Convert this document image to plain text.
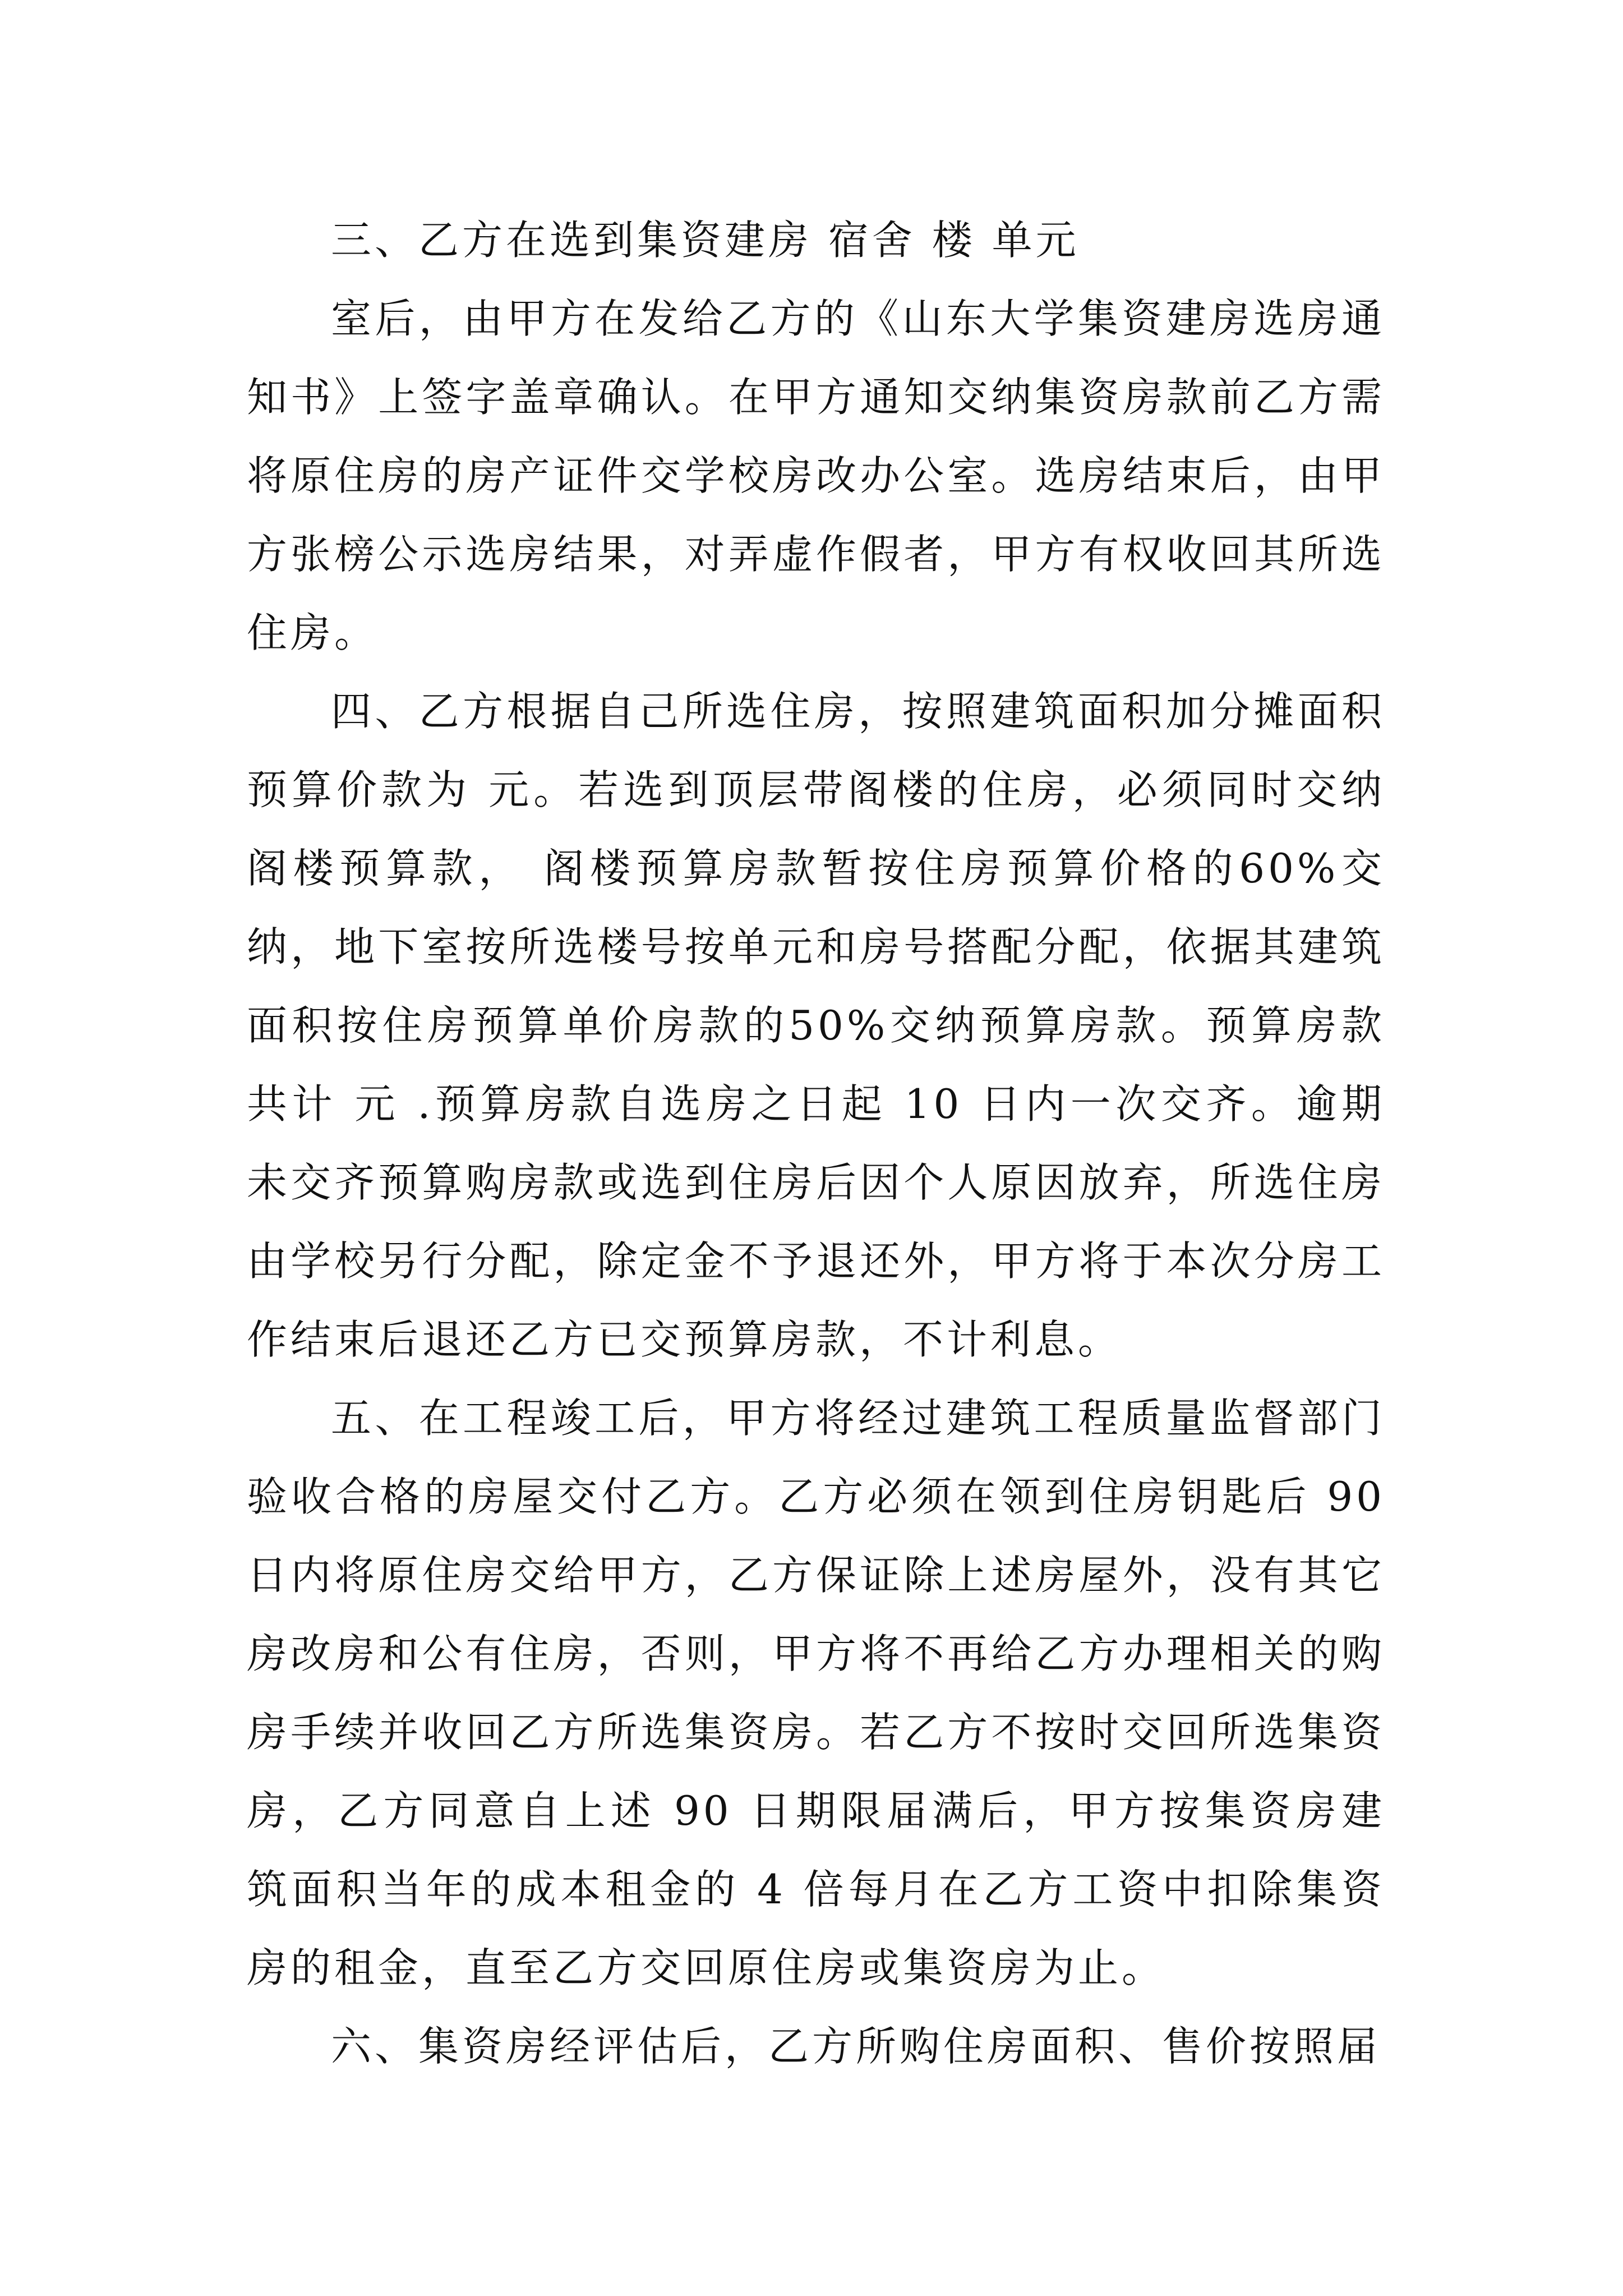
三、乙方在选到集资建房 宿舍 楼 单元

室后，由甲方在发给乙方的《山东大学集资建房选房通知书》上签字盖章确认。在甲方通知交纳集资房款前乙方需将原住房的房产证件交学校房改办公室。选房结束后，由甲方张榜公示选房结果，对弄虚作假者，甲方有权收回其所选住房。

四、乙方根据自己所选住房，按照建筑面积加分摊面积预算价款为 元。若选到顶层带阁楼的住房，必须同时交纳阁楼预算款， 阁楼预算房款暂按住房预算价格的60%交纳，地下室按所选楼号按单元和房号搭配分配，依据其建筑面积按住房预算单价房款的50%交纳预算房款。预算房款共计 元 .预算房款自选房之日起 10 日内一次交齐。逾期未交齐预算购房款或选到住房后因个人原因放弃，所选住房由学校另行分配，除定金不予退还外，甲方将于本次分房工作结束后退还乙方已交预算房款，不计利息。

五、在工程竣工后，甲方将经过建筑工程质量监督部门验收合格的房屋交付乙方。乙方必须在领到住房钥匙后 90 日内将原住房交给甲方，乙方保证除上述房屋外，没有其它房改房和公有住房，否则，甲方将不再给乙方办理相关的购房手续并收回乙方所选集资房。若乙方不按时交回所选集资房，乙方同意自上述 90 日期限届满后，甲方按集资房建筑面积当年的成本租金的 4 倍每月在乙方工资中扣除集资房的租金，直至乙方交回原住房或集资房为止。

六、集资房经评估后，乙方所购住房面积、售价按照届
